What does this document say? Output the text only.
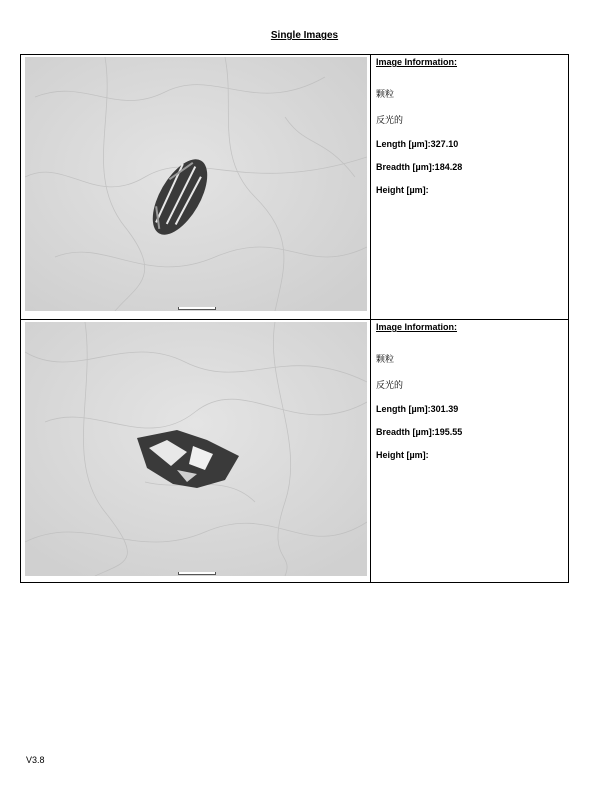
Single Images
Image Information:
颗粒
反光的
Length [µm]:327.10
Breadth [µm]:184.28
Height [µm]:
Image Information:
颗粒
反光的
Length [µm]:301.39
Breadth [µm]:195.55
Height [µm]:
V3.8
